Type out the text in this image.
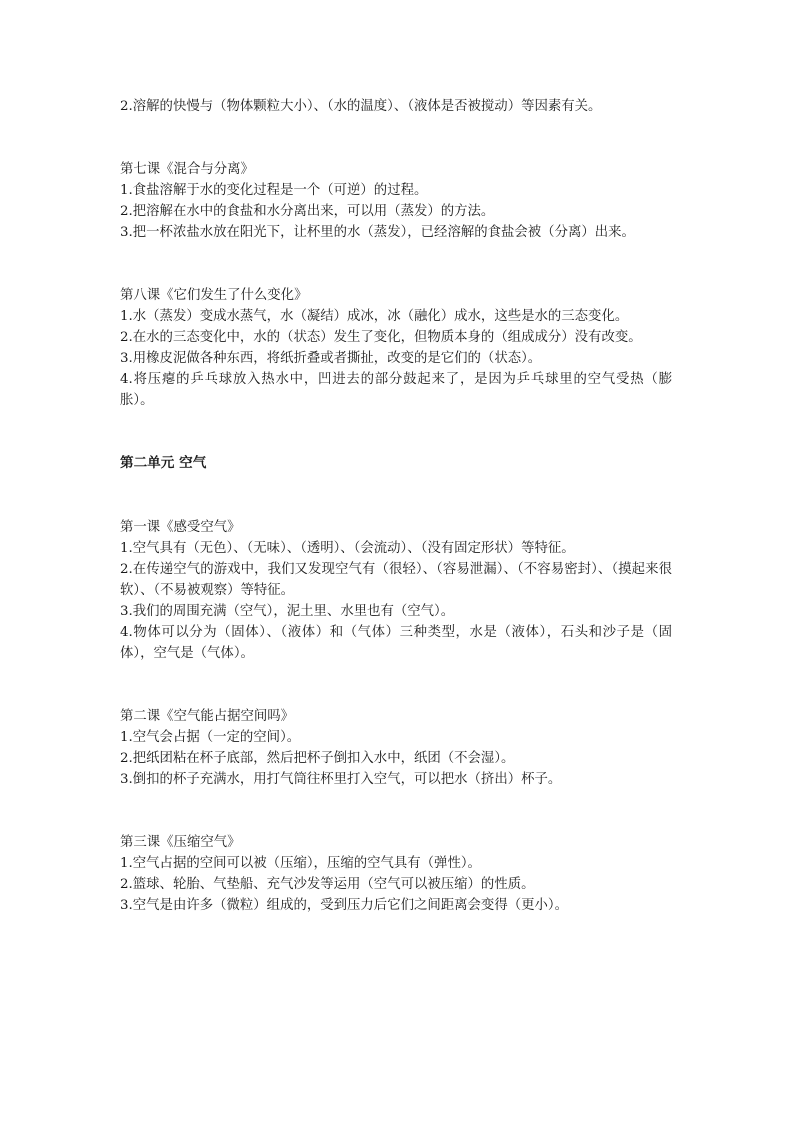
2.溶解的快慢与（物体颗粒大小）、（水的温度）、（液体是否被搅动）等因素有关。

第七课《混合与分离》

1.食盐溶解于水的变化过程是一个（可逆）的过程。

2.把溶解在水中的食盐和水分离出来，可以用（蒸发）的方法。

3.把一杯浓盐水放在阳光下，让杯里的水（蒸发），已经溶解的食盐会被（分离）出来。

第八课《它们发生了什么变化》

1.水（蒸发）变成水蒸气，水（凝结）成冰，冰（融化）成水，这些是水的三态变化。

2.在水的三态变化中，水的（状态）发生了变化，但物质本身的（组成成分）没有改变。

3.用橡皮泥做各种东西，将纸折叠或者撕扯，改变的是它们的（状态）。

4.将压瘪的乒乓球放入热水中，凹进去的部分鼓起来了，是因为乒乓球里的空气受热（膨胀）。

第二单元 空气

第一课《感受空气》

1.空气具有（无色）、（无味）、（透明）、（会流动）、（没有固定形状）等特征。

2.在传递空气的游戏中，我们又发现空气有（很轻）、（容易泄漏）、（不容易密封）、（摸起来很软）、（不易被观察）等特征。

3.我们的周围充满（空气），泥土里、水里也有（空气）。

4.物体可以分为（固体）、（液体）和（气体）三种类型，水是（液体），石头和沙子是（固体），空气是（气体）。

第二课《空气能占据空间吗》

1.空气会占据（一定的空间）。

2.把纸团粘在杯子底部，然后把杯子倒扣入水中，纸团（不会湿）。

3.倒扣的杯子充满水，用打气筒往杯里打入空气，可以把水（挤出）杯子。

第三课《压缩空气》

1.空气占据的空间可以被（压缩），压缩的空气具有（弹性）。

2.篮球、轮胎、气垫船、充气沙发等运用（空气可以被压缩）的性质。

3.空气是由许多（微粒）组成的，受到压力后它们之间距离会变得（更小）。
